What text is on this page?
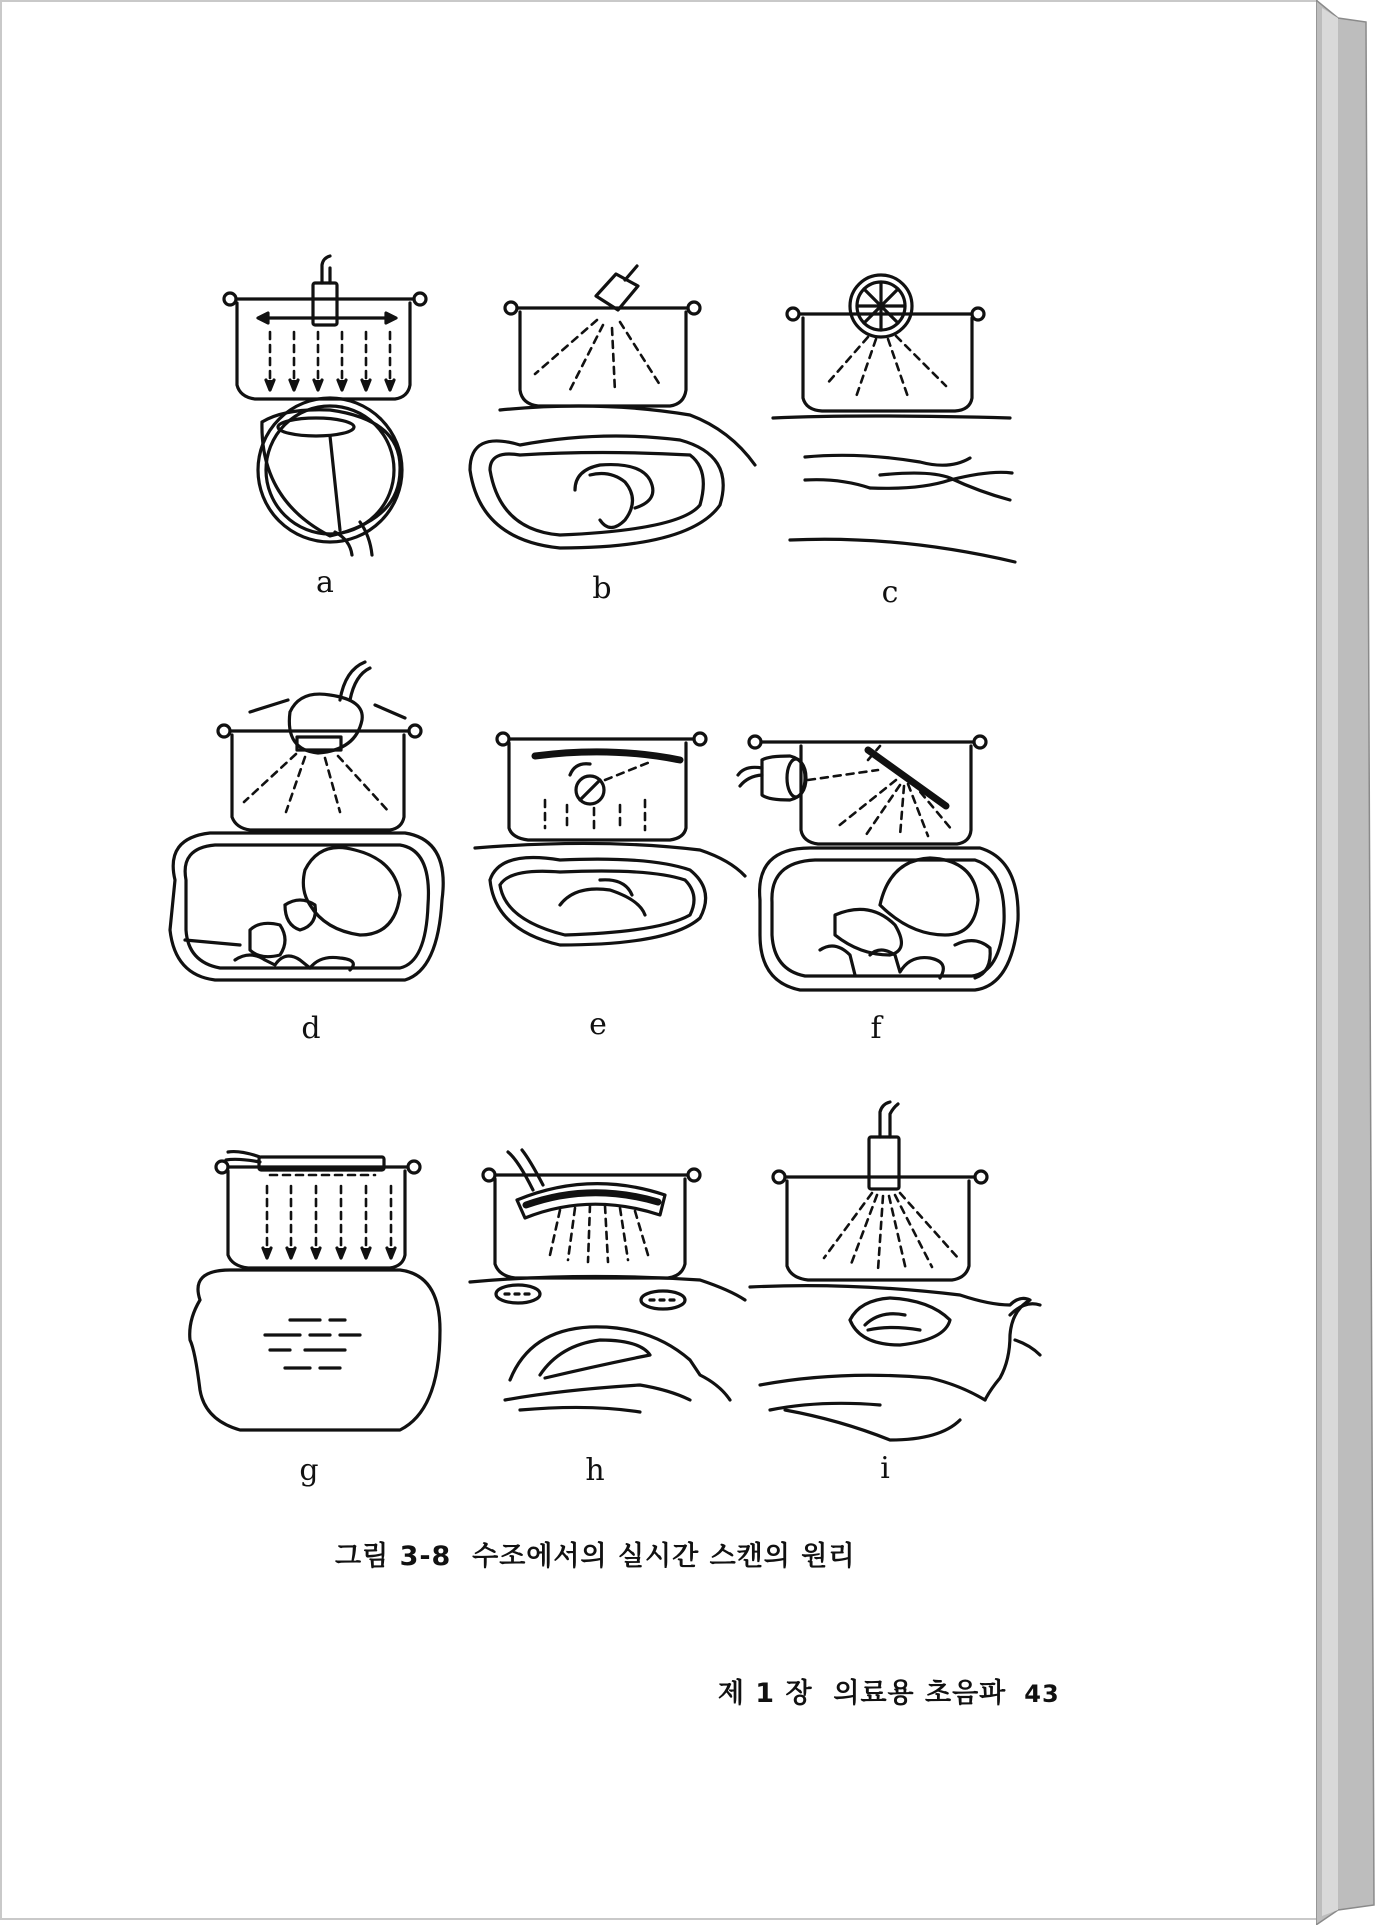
a	b	c
d	e	f
g	h	i
그림 3-8  수조에서의 실시간 스캔의 원리

제 1 장  의료용 초음파 43
